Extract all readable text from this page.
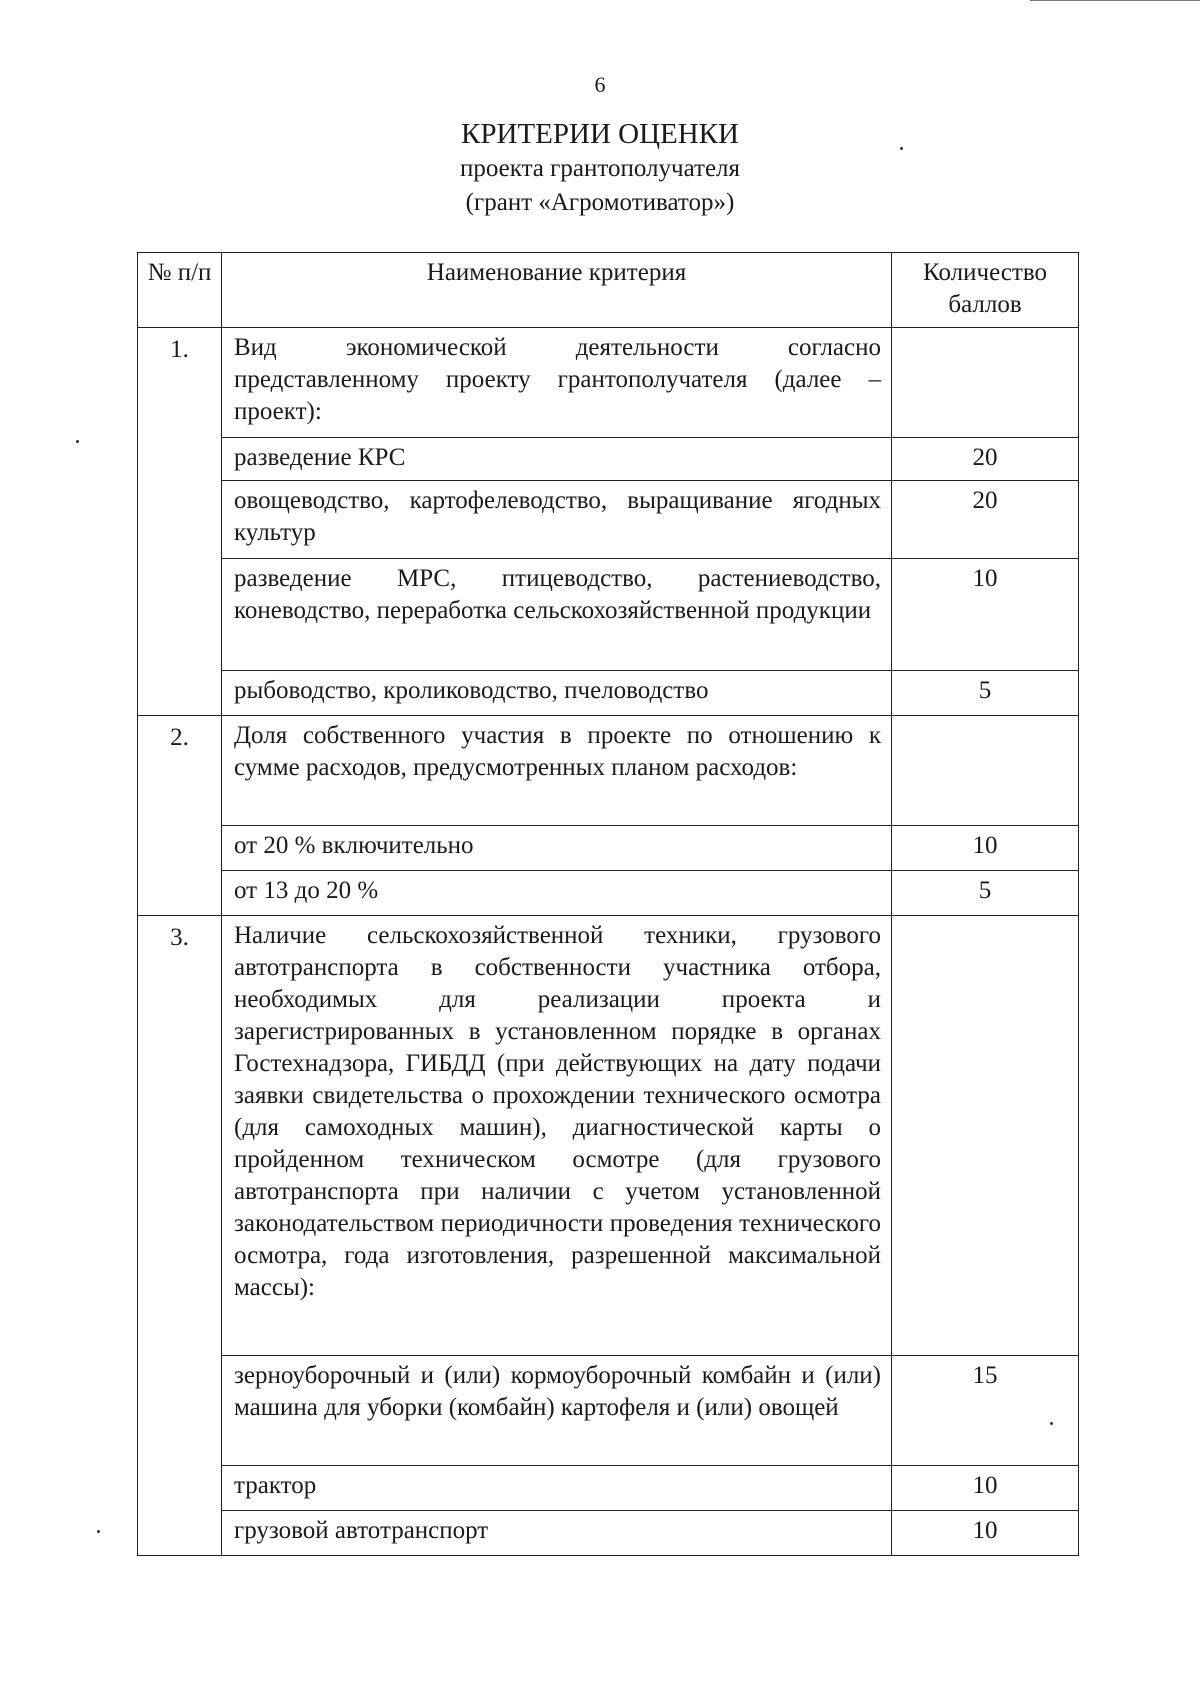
6
КРИТЕРИИ ОЦЕНКИ
проекта грантополучателя
(грант «Агромотиватор»)
№ п/п	Наименование критерия	Количество баллов
1.	Вид экономической деятельности согласно представленному проекту грантополучателя (далее – проект):	
	разведение КРС	20
	овощеводство, картофелеводство, выращивание ягодных культур	20
	разведение МРС, птицеводство, растениеводство, коневодство, переработка сельскохозяйственной продукции	10
	рыбоводство, кролиководство, пчеловодство	5
2.	Доля собственного участия в проекте по отношению к сумме расходов, предусмотренных планом расходов:	
	от 20 % включительно	10
	от 13 до 20 %	5
3.	Наличие сельскохозяйственной техники, грузового автотранспорта в собственности участника отбора, необходимых для реализации проекта и зарегистрированных в установленном порядке в органах Гостехнадзора, ГИБДД (при действующих на дату подачи заявки свидетельства о прохождении технического осмотра (для самоходных машин), диагностической карты о пройденном техническом осмотре (для грузового автотранспорта при наличии с учетом установленной законодательством периодичности проведения технического осмотра, года изготовления, разрешенной максимальной массы):	
	зерноуборочный и (или) кормоуборочный комбайн и (или) машина для уборки (комбайн) картофеля и (или) овощей	15
	трактор	10
	грузовой автотранспорт	10
